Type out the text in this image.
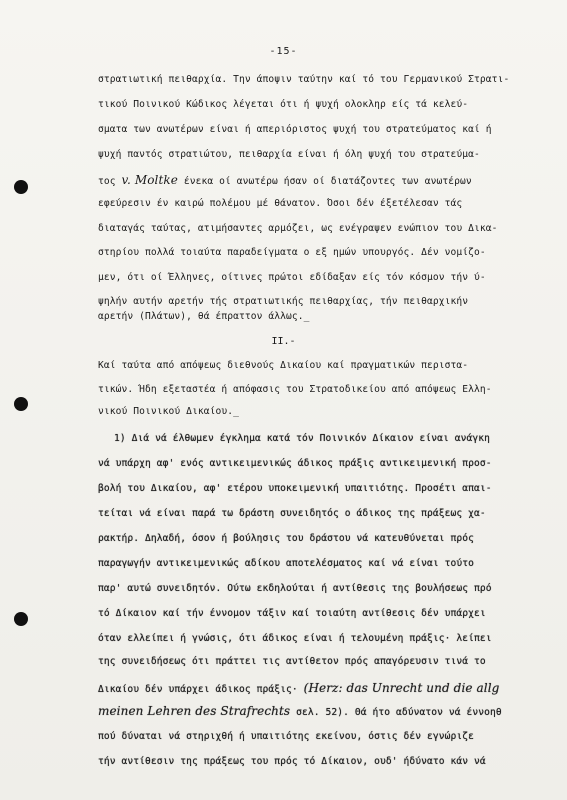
-15-
στρατιωτική πειθαρχία. Την άποψιν ταύτην καί τό του Γερμανικού Στρατι-
τικού Ποινικού Κώδικος λέγεται ότι ή ψυχή ολοκληρ είς τά κελεύ-
σματα των ανωτέρων είναι ή απεριόριστος ψυχή του στρατεύματος καί ή
ψυχή παντός στρατιώτου, πειθαρχία είναι ή όλη ψυχή του στρατεύμα-
τος v. Moltke ένεκα οί ανωτέρω ήσαν οί διατάζοντες των ανωτέρων
εφεύρεσιν έν καιρώ πολέμου μέ θάνατον. Όσοι δέν έξετέλεσαν τάς
διαταγάς ταύτας, ατιμήσαντες αρμόζει, ως ενέγραψεν ενώπιον του Δικα-
στηρίου πολλά τοιαύτα παραδείγματα ο εξ ημών υπουργός. Δέν νομίζο-
μεν, ότι οί Έλληνες, οίτινες πρώτοι εδίδαξαν είς τόν κόσμον τήν ύ-
ψηλήν αυτήν αρετήν τής στρατιωτικής πειθαρχίας, τήν πειθαρχικήν
αρετήν (Πλάτων), θά έπραττον άλλως._
II.-
Καί ταύτα από απόψεως διεθνούς Δικαίου καί πραγματικών περιστα-
τικών. Ήδη εξεταστέα ή απόφασις του Στρατοδικείου από απόψεως Ελλη-
νικού Ποινικού Δικαίου._
1) Διά νά έλθωμεν έγκλημα κατά τόν Ποινικόν Δίκαιον είναι ανάγκη
νά υπάρχη αφ' ενός αντικειμενικώς άδικος πράξις αντικειμενική προσ-
βολή του Δικαίου, αφ' ετέρου υποκειμενική υπαιτιότης. Προσέτι απαι-
τείται νά είναι παρά τω δράστη συνειδητός ο άδικος της πράξεως χα-
ρακτήρ. Δηλαδή, όσον ή βούλησις του δράστου νά κατευθύνεται πρός
παραγωγήν αντικειμενικώς αδίκου αποτελέσματος καί νά είναι τούτο
παρ' αυτώ συνειδητόν. Ούτω εκδηλούται ή αντίθεσις της βουλήσεως πρό
τό Δίκαιον καί τήν έννομον τάξιν καί τοιαύτη αντίθεσις δέν υπάρχει
όταν ελλείπει ή γνώσις, ότι άδικος είναι ή τελουμένη πράξις· λείπει
της συνειδήσεως ότι πράττει τις αντίθετον πρός απαγόρευσιν τινά το
Δικαίου δέν υπάρχει άδικος πράξις· (Herz: das Unrecht und die allg
meinen Lehren des Strafrechts σελ. 52). Θά ήτο αδύνατον νά έννοηθ
πού δύναται νά στηριχθή ή υπαιτιότης εκείνου, όστις δέν εγνώριζε
τήν αντίθεσιν της πράξεως του πρός τό Δίκαιον, ουδ' ήδύνατο κάν νά
